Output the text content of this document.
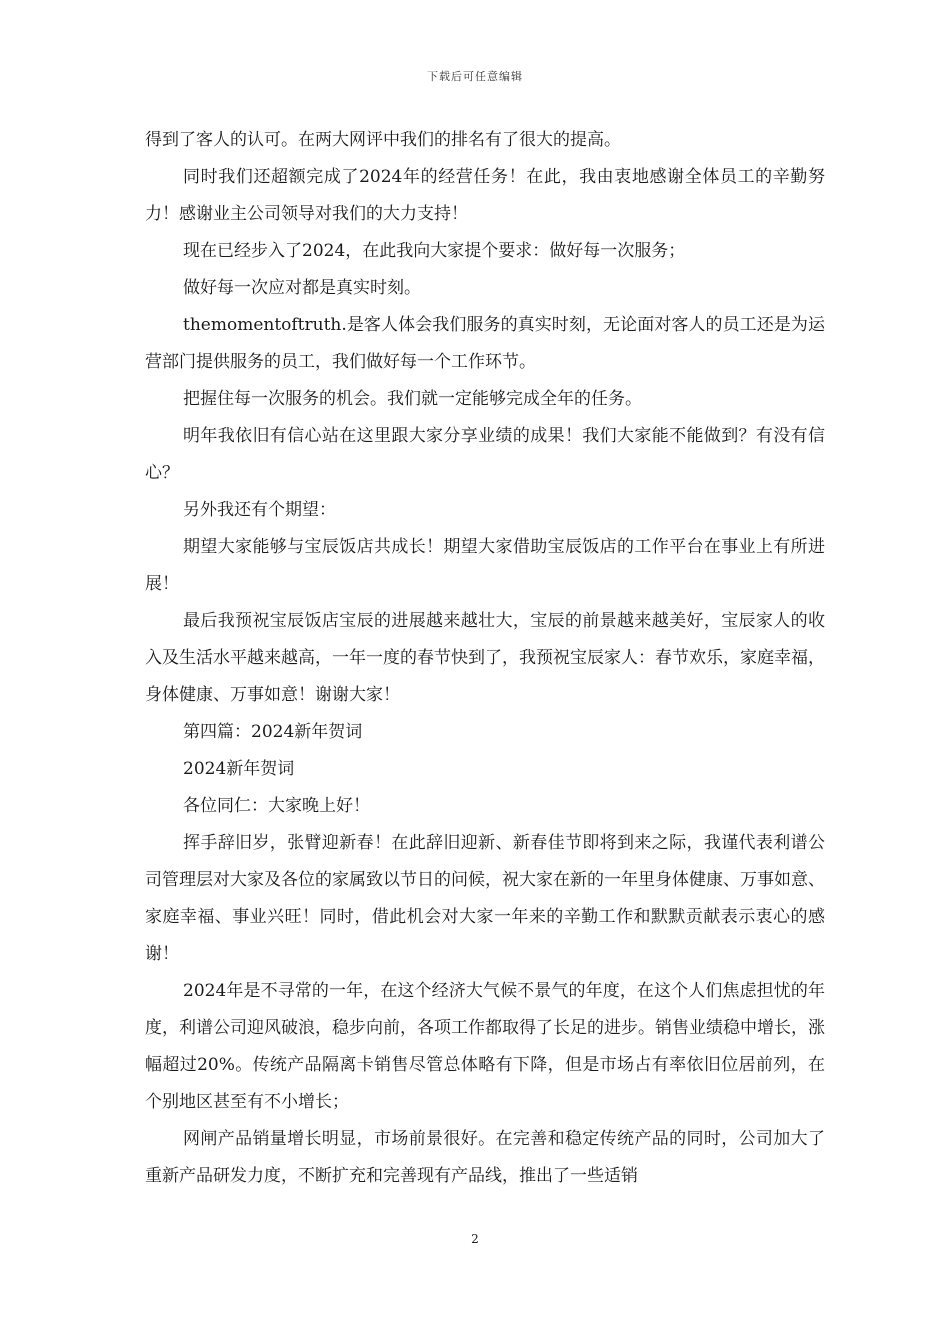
下载后可任意编辑

得到了客人的认可。在两大网评中我们的排名有了很大的提高。

同时我们还超额完成了2024年的经营任务！在此，我由衷地感谢全体员工的辛勤努力！感谢业主公司领导对我们的大力支持！

现在已经步入了2024，在此我向大家提个要求：做好每一次服务；

做好每一次应对都是真实时刻。

themomentoftruth.是客人体会我们服务的真实时刻，无论面对客人的员工还是为运营部门提供服务的员工，我们做好每一个工作环节。

把握住每一次服务的机会。我们就一定能够完成全年的任务。

明年我依旧有信心站在这里跟大家分享业绩的成果！我们大家能不能做到？有没有信心？

另外我还有个期望：

期望大家能够与宝辰饭店共成长！期望大家借助宝辰饭店的工作平台在事业上有所进展！

最后我预祝宝辰饭店宝辰的进展越来越壮大，宝辰的前景越来越美好，宝辰家人的收入及生活水平越来越高，一年一度的春节快到了，我预祝宝辰家人：春节欢乐，家庭幸福，身体健康、万事如意！谢谢大家！

第四篇：2024新年贺词

2024新年贺词

各位同仁：大家晚上好！

挥手辞旧岁，张臂迎新春！在此辞旧迎新、新春佳节即将到来之际，我谨代表利谱公司管理层对大家及各位的家属致以节日的问候，祝大家在新的一年里身体健康、万事如意、家庭幸福、事业兴旺！同时，借此机会对大家一年来的辛勤工作和默默贡献表示衷心的感谢！

2024年是不寻常的一年，在这个经济大气候不景气的年度，在这个人们焦虑担忧的年度，利谱公司迎风破浪，稳步向前，各项工作都取得了长足的进步。销售业绩稳中增长，涨幅超过20%。传统产品隔离卡销售尽管总体略有下降，但是市场占有率依旧位居前列，在个别地区甚至有不小增长；

网闸产品销量增长明显，市场前景很好。在完善和稳定传统产品的同时，公司加大了重新产品研发力度，不断扩充和完善现有产品线，推出了一些适销

2
